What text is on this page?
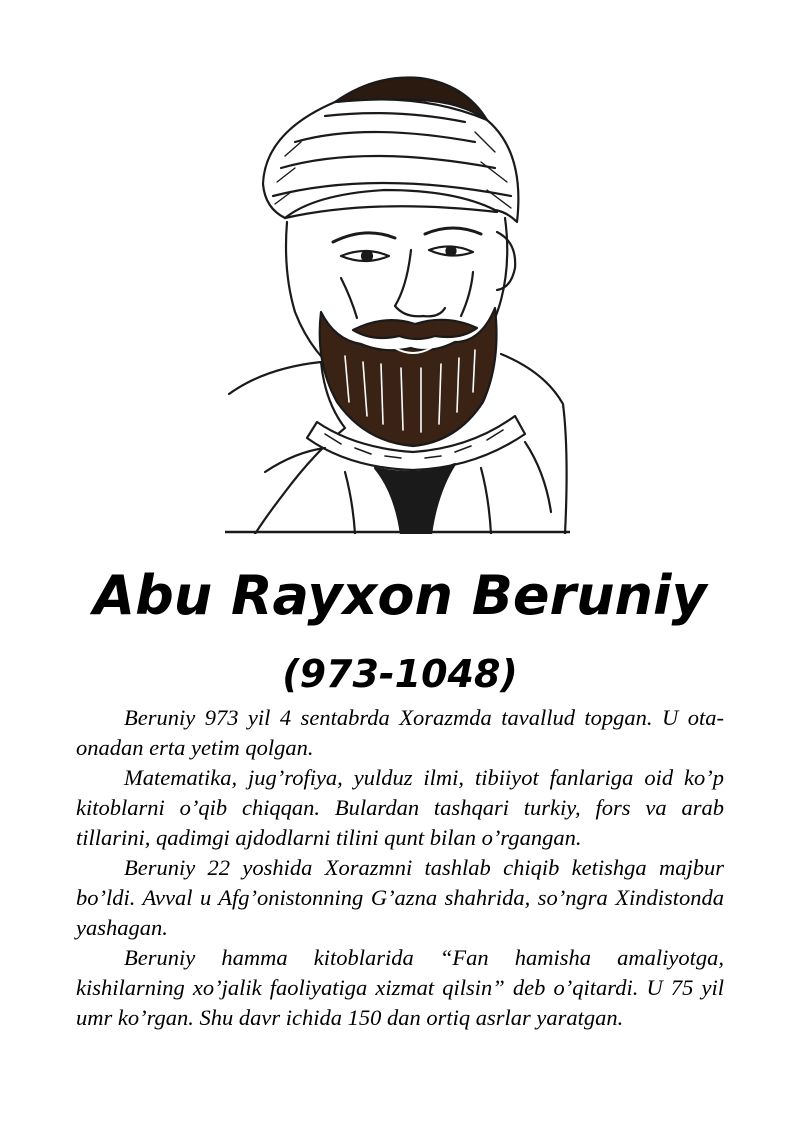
Abu Rayxon Beruniy
(973-1048)

Beruniy 973 yil 4 sentabrda Xorazmda tavallud topgan. U ota-onadan erta yetim qolgan.

Matematika, jug’rofiya, yulduz ilmi, tibiiyot fanlariga oid ko’p kitoblarni o’qib chiqqan. Bulardan tashqari turkiy, fors va arab tillarini, qadimgi ajdodlarni tilini qunt bilan o’rgangan.

Beruniy 22 yoshida Xorazmni tashlab chiqib ketishga majbur bo’ldi. Avval u Afg’onistonning G’azna shahrida, so’ngra Xindistonda yashagan.

Beruniy hamma kitoblarida “Fan hamisha amaliyotga, kishilarning xo’jalik faoliyatiga xizmat qilsin” deb o’qitardi. U 75 yil umr ko’rgan. Shu davr ichida 150 dan ortiq asrlar yaratgan.
